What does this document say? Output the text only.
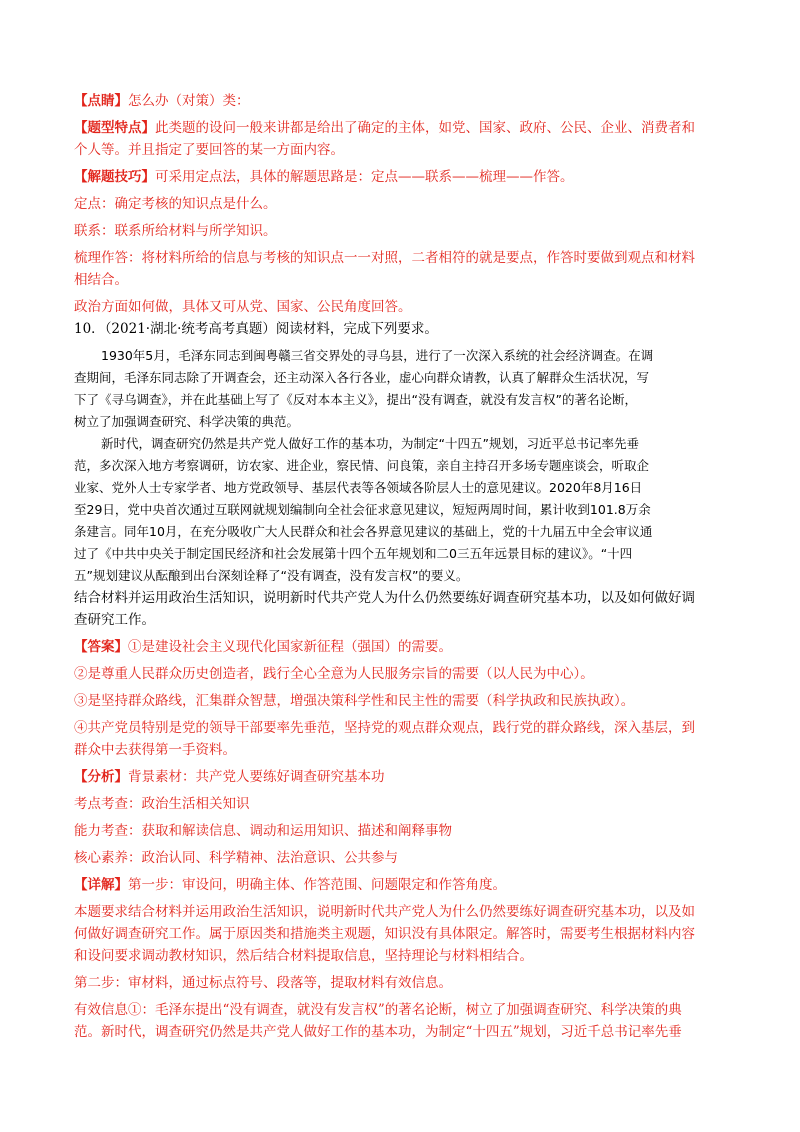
【点睛】怎么办（对策）类：
【题型特点】此类题的设问一般来讲都是给出了确定的主体，如党、国家、政府、公民、企业、消费者和
个人等。并且指定了要回答的某一方面内容。
【解题技巧】可采用定点法，具体的解题思路是：定点——联系——梳理——作答。
定点：确定考核的知识点是什么。
联系：联系所给材料与所学知识。
梳理作答：将材料所给的信息与考核的知识点一一对照，二者相符的就是要点，作答时要做到观点和材料
相结合。
政治方面如何做，具体又可从党、国家、公民角度回答。
10．（2021·湖北·统考高考真题）阅读材料，完成下列要求。
1930年5月，毛泽东同志到闽粤赣三省交界处的寻乌县，进行了一次深入系统的社会经济调查。在调
查期间，毛泽东同志除了开调查会，还主动深入各行各业，虚心向群众请教，认真了解群众生活状况，写
下了《寻乌调查》，并在此基础上写了《反对本本主义》，提出“没有调查，就没有发言权”的著名论断，
树立了加强调查研究、科学决策的典范。
新时代，调查研究仍然是共产党人做好工作的基本功，为制定“十四五”规划，习近平总书记率先垂
范，多次深入地方考察调研，访农家、进企业，察民情、问良策，亲自主持召开多场专题座谈会，听取企
业家、党外人士专家学者、地方党政领导、基层代表等各领域各阶层人士的意见建议。2020年8月16日
至29日，党中央首次通过互联网就规划编制向全社会征求意见建议，短短两周时间，累计收到101.8万余
条建言。同年10月，在充分吸收广大人民群众和社会各界意见建议的基础上，党的十九届五中全会审议通
过了《中共中央关于制定国民经济和社会发展第十四个五年规划和二0三五年远景目标的建议》。“十四
五”规划建议从酝酿到出台深刻诠释了“没有调查，没有发言权”的要义。
结合材料并运用政治生活知识，说明新时代共产党人为什么仍然要练好调查研究基本功，以及如何做好调
查研究工作。
【答案】①是建设社会主义现代化国家新征程（强国）的需要。
②是尊重人民群众历史创造者，践行全心全意为人民服务宗旨的需要（以人民为中心）。
③是坚持群众路线，汇集群众智慧，增强决策科学性和民主性的需要（科学执政和民族执政）。
④共产党员特别是党的领导干部要率先垂范，坚持党的观点群众观点，践行党的群众路线，深入基层，到
群众中去获得第一手资料。
【分析】背景素材：共产党人要练好调查研究基本功
考点考查：政治生活相关知识
能力考查：获取和解读信息、调动和运用知识、描述和阐释事物
核心素养：政治认同、科学精神、法治意识、公共参与
【详解】第一步：审设问，明确主体、作答范围、问题限定和作答角度。
本题要求结合材料并运用政治生活知识，说明新时代共产党人为什么仍然要练好调查研究基本功，以及如
何做好调查研究工作。属于原因类和措施类主观题，知识没有具体限定。解答时，需要考生根据材料内容
和设问要求调动教材知识，然后结合材料提取信息，坚持理论与材料相结合。
第二步：审材料，通过标点符号、段落等，提取材料有效信息。
有效信息①：毛泽东提出“没有调查，就没有发言权”的著名论断，树立了加强调查研究、科学决策的典
范。新时代，调查研究仍然是共产党人做好工作的基本功，为制定“十四五”规划，习近千总书记率先垂
